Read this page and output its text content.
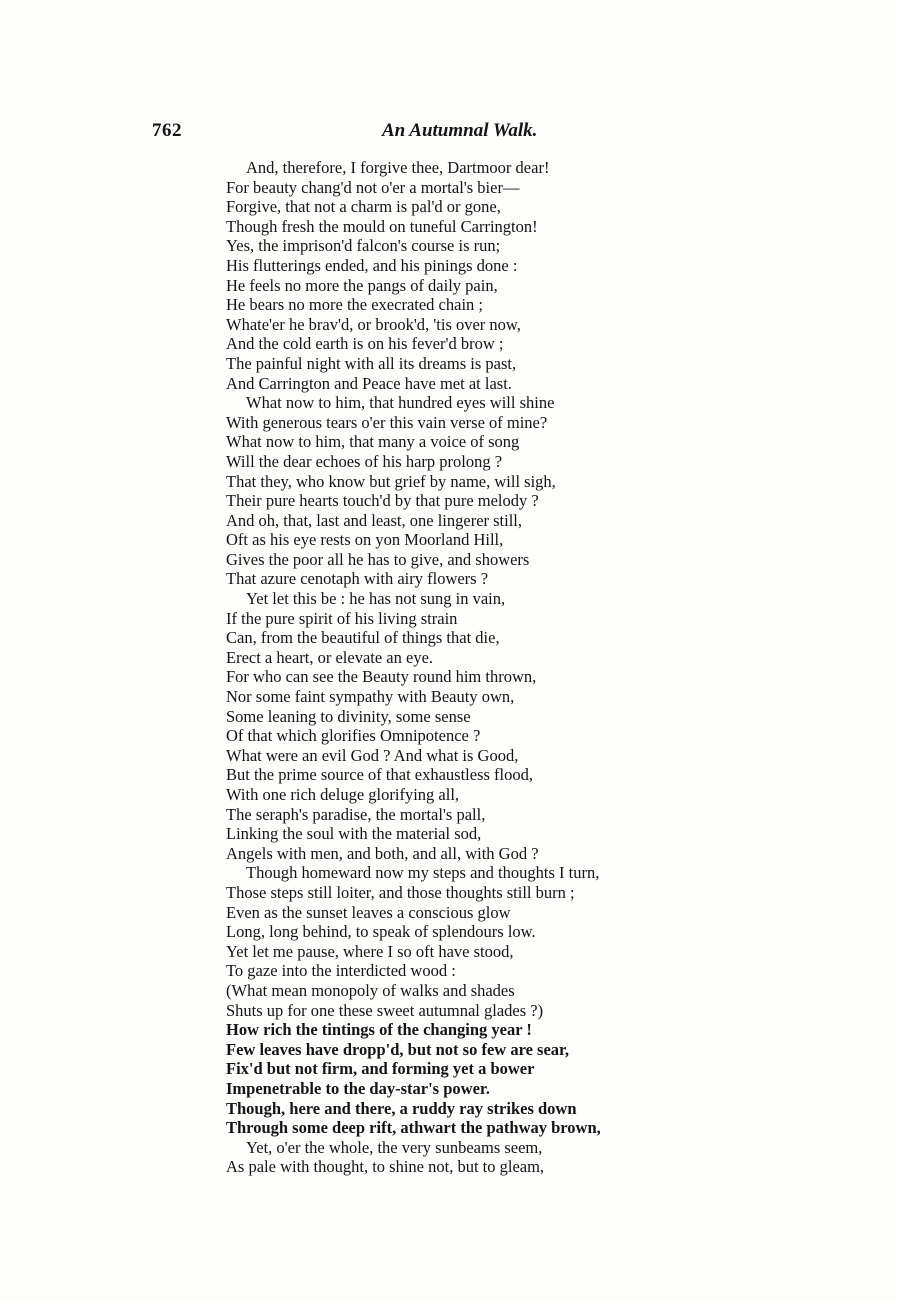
762	An Autumnal Walk.
And, therefore, I forgive thee, Dartmoor dear!
For beauty chang'd not o'er a mortal's bier—
Forgive, that not a charm is pal'd or gone,
Though fresh the mould on tuneful Carrington!
Yes, the imprison'd falcon's course is run;
His flutterings ended, and his pinings done :
He feels no more the pangs of daily pain,
He bears no more the execrated chain ;
Whate'er he brav'd, or brook'd, 'tis over now,
And the cold earth is on his fever'd brow ;
The painful night with all its dreams is past,
And Carrington and Peace have met at last.
What now to him, that hundred eyes will shine
With generous tears o'er this vain verse of mine?
What now to him, that many a voice of song
Will the dear echoes of his harp prolong ?
That they, who know but grief by name, will sigh,
Their pure hearts touch'd by that pure melody ?
And oh, that, last and least, one lingerer still,
Oft as his eye rests on yon Moorland Hill,
Gives the poor all he has to give, and showers
That azure cenotaph with airy flowers ?
Yet let this be : he has not sung in vain,
If the pure spirit of his living strain
Can, from the beautiful of things that die,
Erect a heart, or elevate an eye.
For who can see the Beauty round him thrown,
Nor some faint sympathy with Beauty own,
Some leaning to divinity, some sense
Of that which glorifies Omnipotence ?
What were an evil God ? And what is Good,
But the prime source of that exhaustless flood,
With one rich deluge glorifying all,
The seraph's paradise, the mortal's pall,
Linking the soul with the material sod,
Angels with men, and both, and all, with God ?
Though homeward now my steps and thoughts I turn,
Those steps still loiter, and those thoughts still burn ;
Even as the sunset leaves a conscious glow
Long, long behind, to speak of splendours low.
Yet let me pause, where I so oft have stood,
To gaze into the interdicted wood :
(What mean monopoly of walks and shades
Shuts up for one these sweet autumnal glades ?)
How rich the tintings of the changing year !
Few leaves have dropp'd, but not so few are sear,
Fix'd but not firm, and forming yet a bower
Impenetrable to the day-star's power.
Though, here and there, a ruddy ray strikes down
Through some deep rift, athwart the pathway brown,
Yet, o'er the whole, the very sunbeams seem,
As pale with thought, to shine not, but to gleam,
